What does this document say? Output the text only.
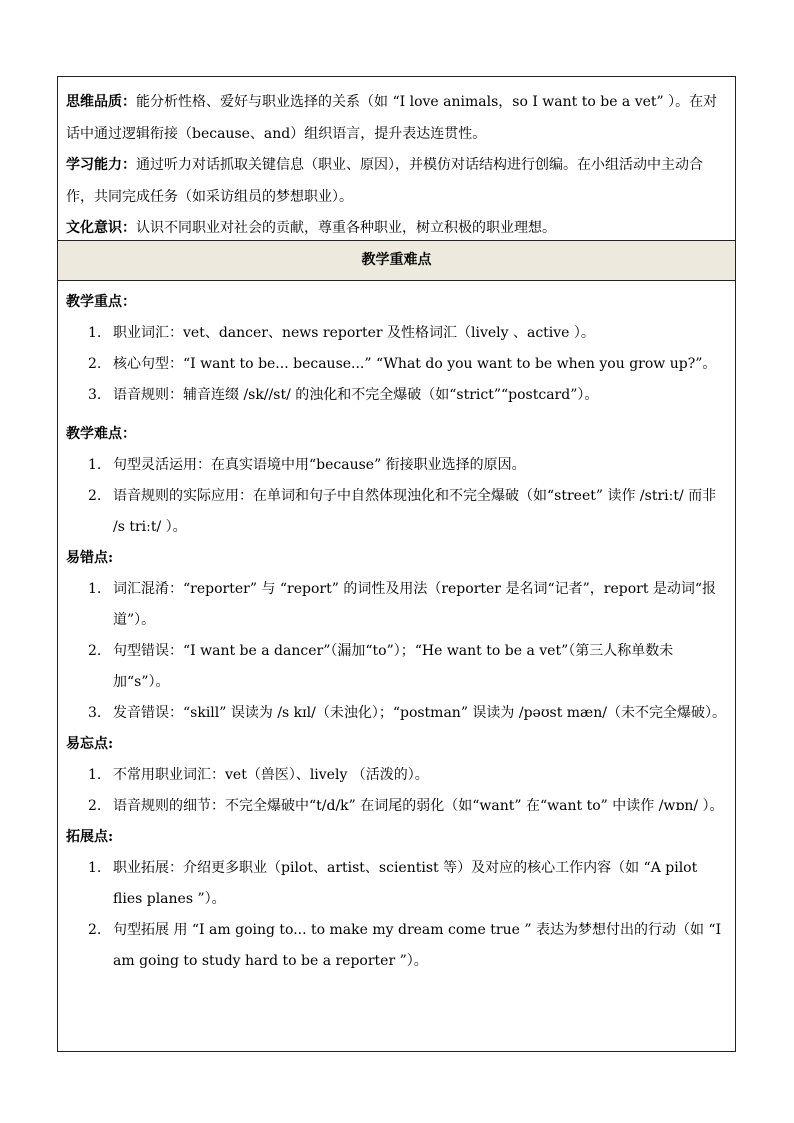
思维品质：能分析性格、爱好与职业选择的关系（如 “I love animals，so I want to be a vet” ）。在对话中通过逻辑衔接（because、and）组织语言，提升表达连贯性。
学习能力：通过听力对话抓取关键信息（职业、原因），并模仿对话结构进行创编。在小组活动中主动合作，共同完成任务（如采访组员的梦想职业）。
文化意识：认识不同职业对社会的贡献，尊重各种职业，树立积极的职业理想。
教学重难点
教学重点：
1. 职业词汇：vet、dancer、news reporter 及性格词汇（lively 、active ）。
2. 核心句型：“I want to be... because...” “What do you want to be when you grow up?”。
3. 语音规则：辅音连缀 /sk//st/ 的浊化和不完全爆破（如“strict”“postcard”）。
教学难点：
1. 句型灵活运用：在真实语境中用“because” 衔接职业选择的原因。
2. 语音规则的实际应用：在单词和句子中自然体现浊化和不完全爆破（如“street” 读作 /striːt/ 而非 /s triːt/ ）。
易错点:
1. 词汇混淆：“reporter” 与 “report” 的词性及用法（reporter 是名词“记者”，report 是动词“报道”）。
2. 句型错误：“I want be a dancer”（漏加“to”）；“He want to be a vet”（第三人称单数未加“s”）。
3. 发音错误：“skill” 误读为 /s kɪl/（未浊化）；“postman” 误读为 /pəʊst mæn/（未不完全爆破）。
易忘点:
1. 不常用职业词汇：vet（兽医）、lively （活泼的）。
2. 语音规则的细节：不完全爆破中“t/d/k” 在词尾的弱化（如“want” 在“want to” 中读作 /wɒn/ ）。
拓展点:
1. 职业拓展：介绍更多职业（pilot、artist、scientist 等）及对应的核心工作内容（如 “A pilot flies planes ”）。
2. 句型拓展 用 “I am going to... to make my dream come true ” 表达为梦想付出的行动（如 “I am going to study hard to be a reporter ”）。
